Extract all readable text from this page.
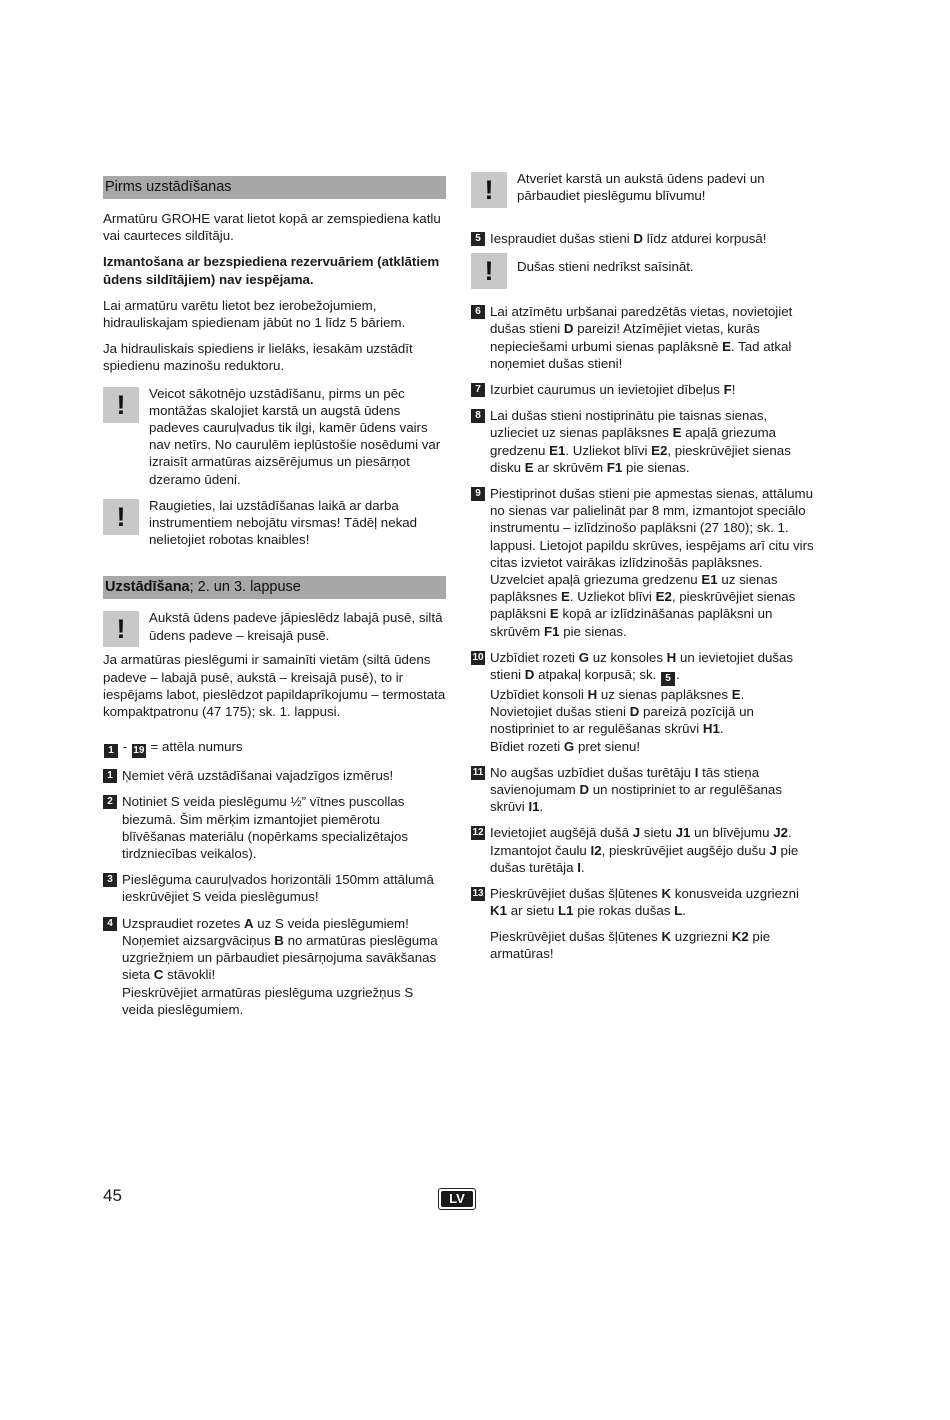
Pirms uzstādīšanas

Armatūru GROHE varat lietot kopā ar zemspiediena katlu vai caurteces sildītāju.

Izmantošana ar bezspiediena rezervuāriem (atklātiem ūdens sildītājiem) nav iespējama.

Lai armatūru varētu lietot bez ierobežojumiem, hidrauliskajam spiedienam jābūt no 1 līdz 5 bāriem.

Ja hidrauliskais spiediens ir lielāks, iesakām uzstādīt spiedienu mazinošu reduktoru.

!	Veicot sākotnējo uzstādīšanu, pirms un pēc montāžas skalojiet karstā un augstā ūdens padeves cauruļvadus tik ilgi, kamēr ūdens vairs nav netīrs. No caurulēm ieplūstošie nosēdumi var izraisīt armatūras aizsērējumus un piesārņot dzeramo ūdeni.

!	Raugieties, lai uzstādīšanas laikā ar darba instrumentiem nebojātu virsmas! Tādēļ nekad nelietojiet robotas knaibles!

Uzstādīšana; 2. un 3. lappuse
!	Aukstā ūdens padeve jāpieslēdz labajā pusē, siltā ūdens padeve – kreisajā pusē.

Ja armatūras pieslēgumi ir samainīti vietām (siltā ūdens padeve – labajā pusē, aukstā – kreisajā pusē), to ir iespējams labot, pieslēdzot papildaprīkojumu – termostata kompaktpatronu (47 175); sk. 1. lappusi.

1 - 19 = attēla numurs

1 Ņemiet vērā uzstādīšanai vajadzīgos izmērus!

2 Notiniet S veida pieslēgumu ½” vītnes puscollas biezumā. Šim mērķim izmantojiet piemērotu blīvēšanas materiālu (nopērkams specializētajos tirdzniecības veikalos).

3 Pieslēguma cauruļvados horizontāli 150mm attālumā ieskrūvējiet S veida pieslēgumus!

4 Uzspraudiet rozetes A uz S veida pieslēgumiem! Noņemiet aizsargvāciņus B no armatūras pieslēguma uzgriežņiem un pārbaudiet piesārņojuma savākšanas sieta C stāvokli!

Pieskrūvējiet armatūras pieslēguma uzgriežņus S veida pieslēgumiem.

!	Atveriet karstā un aukstā ūdens padevi un pārbaudiet pieslēgumu blīvumu!

5 Iespraudiet dušas stieni D līdz atdurei korpusā!

!	Dušas stieni nedrīkst saīsināt.

6 Lai atzīmētu urbšanai paredzētās vietas, novietojiet dušas stieni D pareizi! Atzīmējiet vietas, kurās nepieciešami urbumi sienas paplāksnē E. Tad atkal noņemiet dušas stieni!

7 Izurbiet caurumus un ievietojiet dībeļus F!

8 Lai dušas stieni nostiprinātu pie taisnas sienas, uzlieciet uz sienas paplāksnes E apaļā griezuma gredzenu E1. Uzliekot blīvi E2, pieskrūvējiet sienas disku E ar skrūvēm F1 pie sienas.

9 Piestiprinot dušas stieni pie apmestas sienas, attālumu no sienas var palielināt par 8 mm, izmantojot speciālo instrumentu – izlīdzinošo paplāksni (27 180); sk. 1. lappusi. Lietojot papildu skrūves, iespējams arī citu virs citas izvietot vairākas izlīdzinošās paplāksnes. Uzvelciet apaļā griezuma gredzenu E1 uz sienas paplāksnes E. Uzliekot blīvi E2, pieskrūvējiet sienas paplāksni E kopā ar izlīdzināšanas paplāksni un skrūvēm F1 pie sienas.

10 Uzbīdiet rozeti G uz konsoles H un ievietojiet dušas stieni D atpakaļ korpusā; sk. 5 .

Uzbīdiet konsoli H uz sienas paplāksnes E.

Novietojiet dušas stieni D pareizā pozīcijā un nostipriniet to ar regulēšanas skrūvi H1.

Bīdiet rozeti G pret sienu!

11 No augšas uzbīdiet dušas turētāju I tās stieņa savienojumam D un nostipriniet to ar regulēšanas skrūvi I1.

12 Ievietojiet augšējā dušā J sietu J1 un blīvējumu J2. Izmantojot čaulu I2, pieskrūvējiet augšējo dušu J pie dušas turētāja I.

13 Pieskrūvējiet dušas šļūtenes K konusveida uzgriezni K1 ar sietu L1 pie rokas dušas L.

Pieskrūvējiet dušas šļūtenes K uzgriezni K2 pie armatūras!

45	LV
